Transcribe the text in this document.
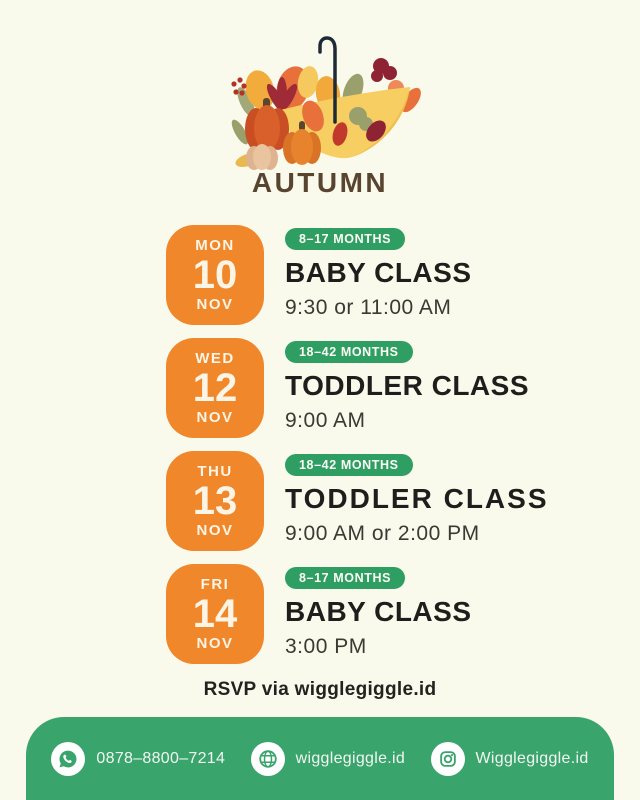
AUTUMN
MON
10
NOV
8–17 MONTHS
BABY CLASS
9:30 or 11:00 AM
WED
12
NOV
18–42 MONTHS
TODDLER CLASS
9:00 AM
THU
13
NOV
18–42 MONTHS
TODDLER CLASS
9:00 AM or 2:00 PM
FRI
14
NOV
8–17 MONTHS
BABY CLASS
3:00 PM
RSVP via wigglegiggle.id
0878–8800–7214	wigglegiggle.id	Wigglegiggle.id
